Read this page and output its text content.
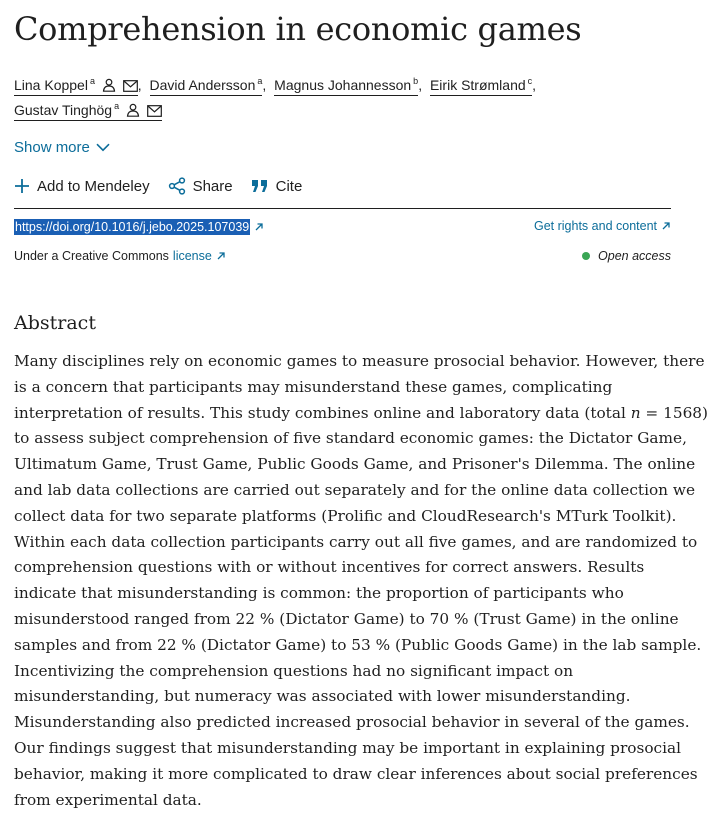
Comprehension in economic games
Lina Koppel $^a$	, David Andersson $^a$, Magnus Johannesson $^b$, Eirik Strømland $^c$,
Gustav Tinghög $^a$
Show more
Add to Mendeley	Share	Cite
https://doi.org/10.1016/j.jebo.2025.107039	Get rights and content
Under a Creative Commons license	Open access
Abstract

Many disciplines rely on economic games to measure prosocial behavior. However, there
is a concern that participants may misunderstand these games, complicating
interpretation of results. This study combines online and laboratory data (total n = 1568)
to assess subject comprehension of five standard economic games: the Dictator Game,
Ultimatum Game, Trust Game, Public Goods Game, and Prisoner's Dilemma. The online
and lab data collections are carried out separately and for the online data collection we
collect data for two separate platforms (Prolific and CloudResearch's MTurk Toolkit).
Within each data collection participants carry out all five games, and are randomized to
comprehension questions with or without incentives for correct answers. Results
indicate that misunderstanding is common: the proportion of participants who
misunderstood ranged from 22 % (Dictator Game) to 70 % (Trust Game) in the online
samples and from 22 % (Dictator Game) to 53 % (Public Goods Game) in the lab sample.
Incentivizing the comprehension questions had no significant impact on
misunderstanding, but numeracy was associated with lower misunderstanding.
Misunderstanding also predicted increased prosocial behavior in several of the games.
Our findings suggest that misunderstanding may be important in explaining prosocial
behavior, making it more complicated to draw clear inferences about social preferences
from experimental data.
